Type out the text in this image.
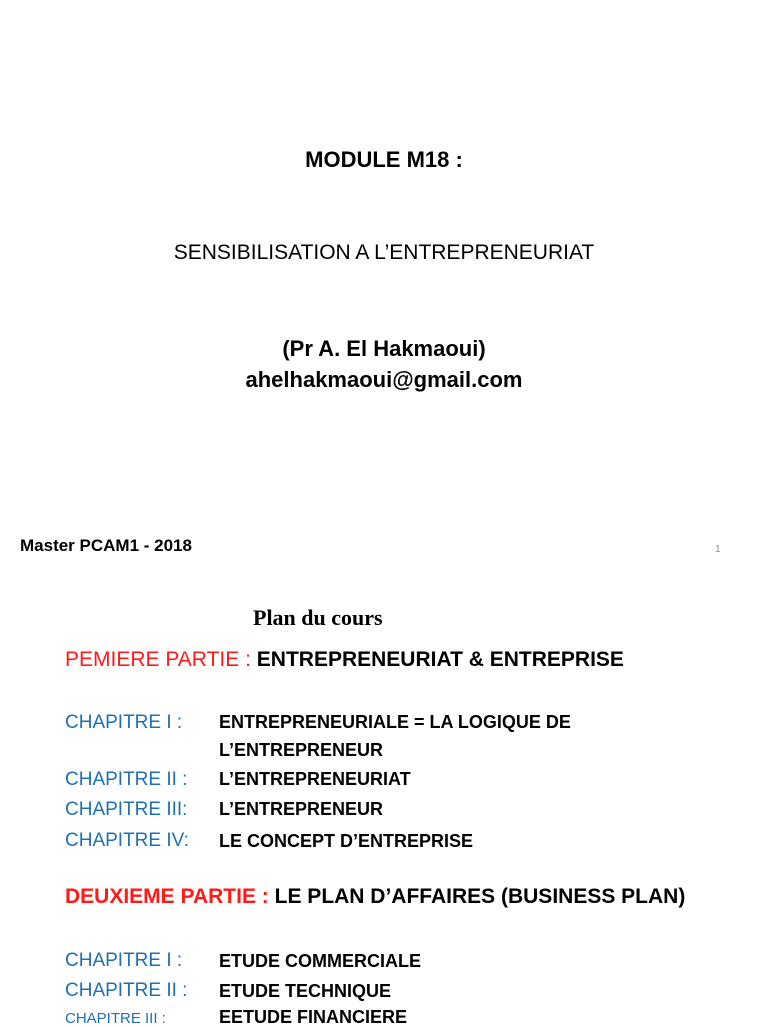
MODULE M18 :
SENSIBILISATION A L’ENTREPRENEURIAT
(Pr A. El Hakmaoui)
ahelhakmaoui@gmail.com
Master PCAM1 - 2018	1
Plan du cours
PEMIERE PARTIE : ENTREPRENEURIAT & ENTREPRISE
CHAPITRE I : ENTREPRENEURIALE = LA LOGIQUE DE
L’ENTREPRENEUR
CHAPITRE II : L’ENTREPRENEURIAT
CHAPITRE III: L’ENTREPRENEUR
CHAPITRE IV: LE CONCEPT D’ENTREPRISE
DEUXIEME PARTIE : LE PLAN D’AFFAIRES (BUSINESS PLAN)
CHAPITRE I : ETUDE COMMERCIALE
CHAPITRE II : ETUDE TECHNIQUE
CHAPITRE III :	EETUDE FINANCIERE
